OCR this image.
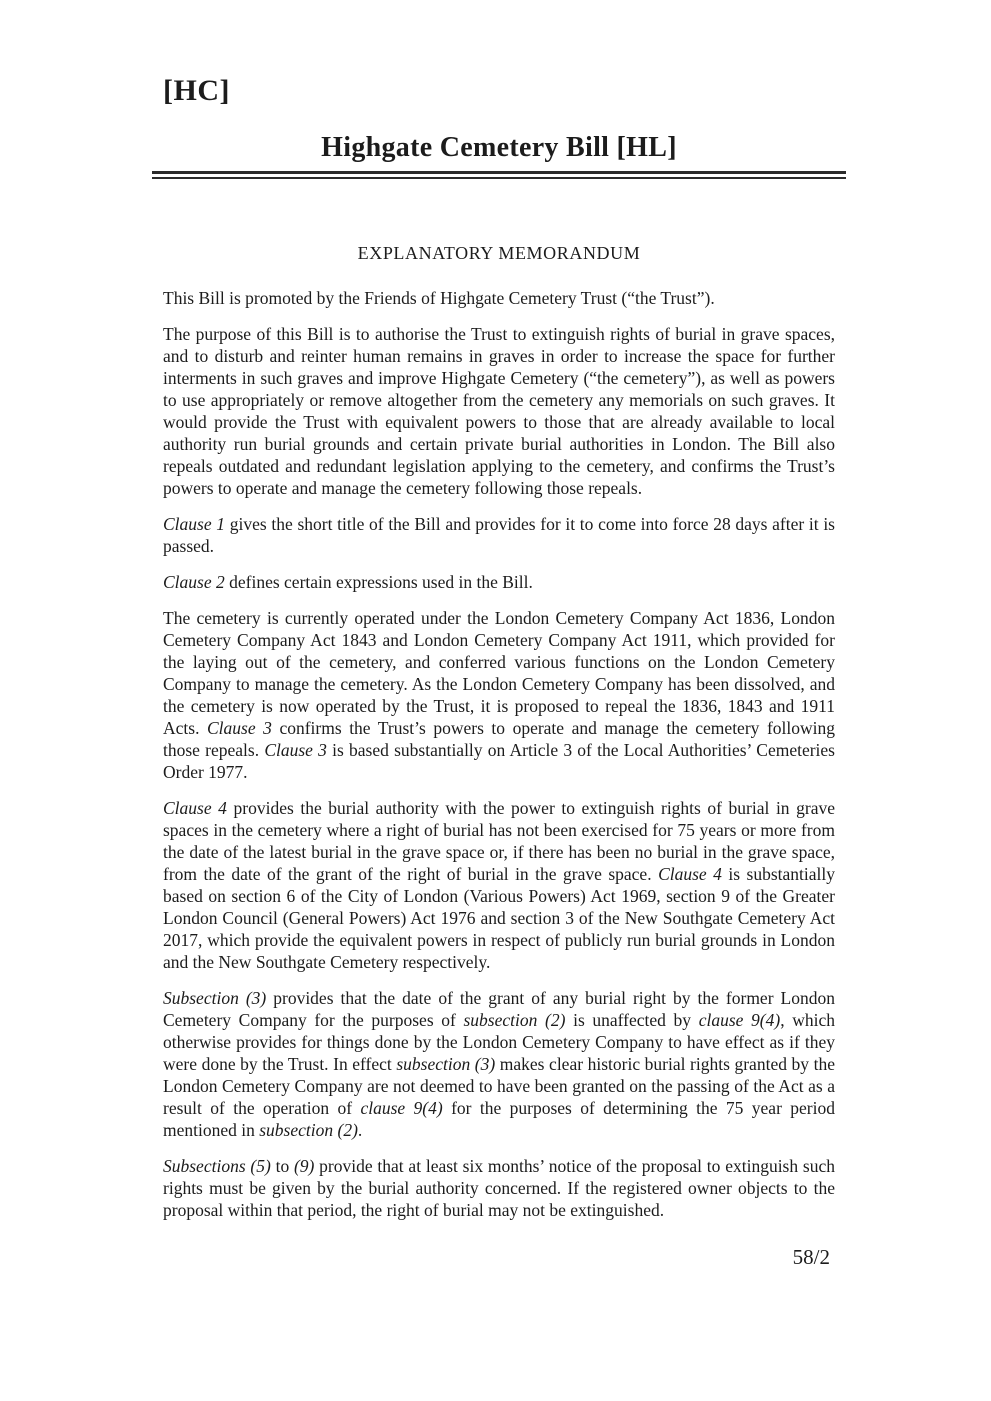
[HC]
Highgate Cemetery Bill [HL]
EXPLANATORY MEMORANDUM

This Bill is promoted by the Friends of Highgate Cemetery Trust (“the Trust”).

The purpose of this Bill is to authorise the Trust to extinguish rights of burial in grave spaces, and to disturb and reinter human remains in graves in order to increase the space for further interments in such graves and improve Highgate Cemetery (“the cemetery”), as well as powers to use appropriately or remove altogether from the cemetery any memorials on such graves. It would provide the Trust with equivalent powers to those that are already available to local authority run burial grounds and certain private burial authorities in London. The Bill also repeals outdated and redundant legislation applying to the cemetery, and confirms the Trust’s powers to operate and manage the cemetery following those repeals.

Clause 1 gives the short title of the Bill and provides for it to come into force 28 days after it is passed.

Clause 2 defines certain expressions used in the Bill.

The cemetery is currently operated under the London Cemetery Company Act 1836, London Cemetery Company Act 1843 and London Cemetery Company Act 1911, which provided for the laying out of the cemetery, and conferred various functions on the London Cemetery Company to manage the cemetery. As the London Cemetery Company has been dissolved, and the cemetery is now operated by the Trust, it is proposed to repeal the 1836, 1843 and 1911 Acts. Clause 3 confirms the Trust’s powers to operate and manage the cemetery following those repeals. Clause 3 is based substantially on Article 3 of the Local Authorities’ Cemeteries Order 1977.

Clause 4 provides the burial authority with the power to extinguish rights of burial in grave spaces in the cemetery where a right of burial has not been exercised for 75 years or more from the date of the latest burial in the grave space or, if there has been no burial in the grave space, from the date of the grant of the right of burial in the grave space. Clause 4 is substantially based on section 6 of the City of London (Various Powers) Act 1969, section 9 of the Greater London Council (General Powers) Act 1976 and section 3 of the New Southgate Cemetery Act 2017, which provide the equivalent powers in respect of publicly run burial grounds in London and the New Southgate Cemetery respectively.

Subsection (3) provides that the date of the grant of any burial right by the former London Cemetery Company for the purposes of subsection (2) is unaffected by clause 9(4), which otherwise provides for things done by the London Cemetery Company to have effect as if they were done by the Trust. In effect subsection (3) makes clear historic burial rights granted by the London Cemetery Company are not deemed to have been granted on the passing of the Act as a result of the operation of clause 9(4) for the purposes of determining the 75 year period mentioned in subsection (2).

Subsections (5) to (9) provide that at least six months’ notice of the proposal to extinguish such rights must be given by the burial authority concerned. If the registered owner objects to the proposal within that period, the right of burial may not be extinguished.

58/2
